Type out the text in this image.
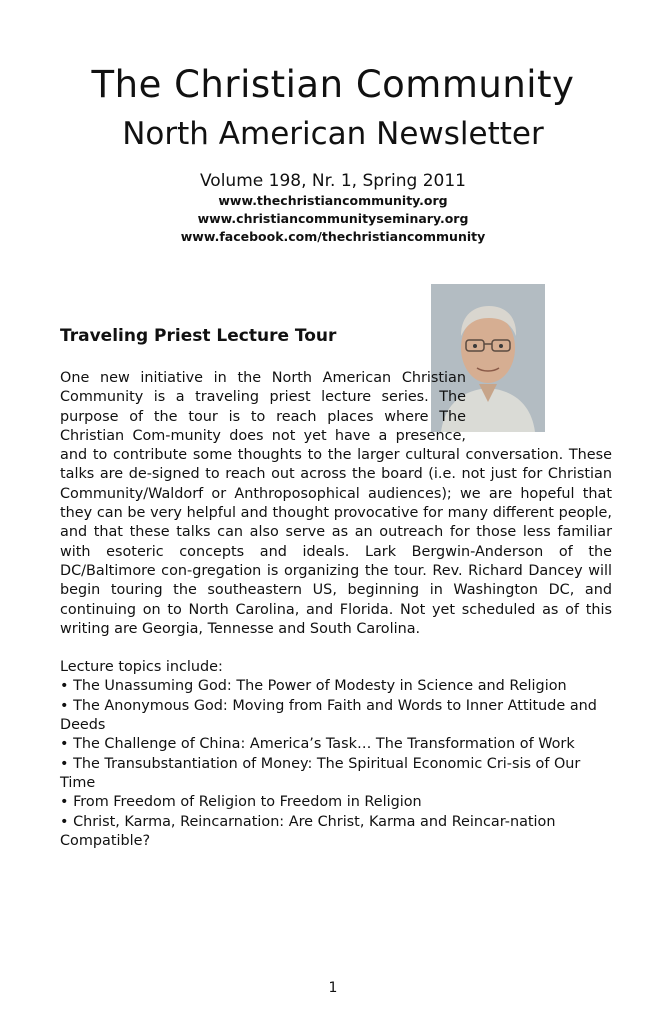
The Christian Community
North American Newsletter
Volume 198, Nr. 1, Spring 2011
www.thechristiancommunity.org
www.christiancommunityseminary.org
www.facebook.com/thechristiancommunity
Traveling Priest Lecture Tour

One new initiative in the North American Christian Community is a traveling priest lecture series. The purpose of the tour is to reach places where The Christian Com-munity does not yet have a presence, and to contribute some thoughts to the larger cultural conversation. These talks are de-signed to reach out across the board (i.e. not just for Christian Community/Waldorf or Anthroposophical audiences); we are hopeful that they can be very helpful and thought provocative for many different people, and that these talks can also serve as an outreach for those less familiar with esoteric concepts and ideals. Lark Bergwin-Anderson of the DC/Baltimore con-gregation is organizing the tour. Rev. Richard Dancey will begin touring the southeastern US, beginning in Washington DC, and continuing on to North Carolina, and Florida. Not yet scheduled as of this writing are Georgia, Tennesse and South Carolina.

Lecture topics include:
• The Unassuming God: The Power of Modesty in Science and Religion
• The Anonymous God: Moving from Faith and Words to Inner Attitude and Deeds
• The Challenge of China: America’s Task… The Transformation of Work
• The Transubstantiation of Money: The Spiritual Economic Cri-sis of Our Time
• From Freedom of Religion to Freedom in Religion
• Christ, Karma, Reincarnation: Are Christ, Karma and Reincar-nation Compatible?
1
